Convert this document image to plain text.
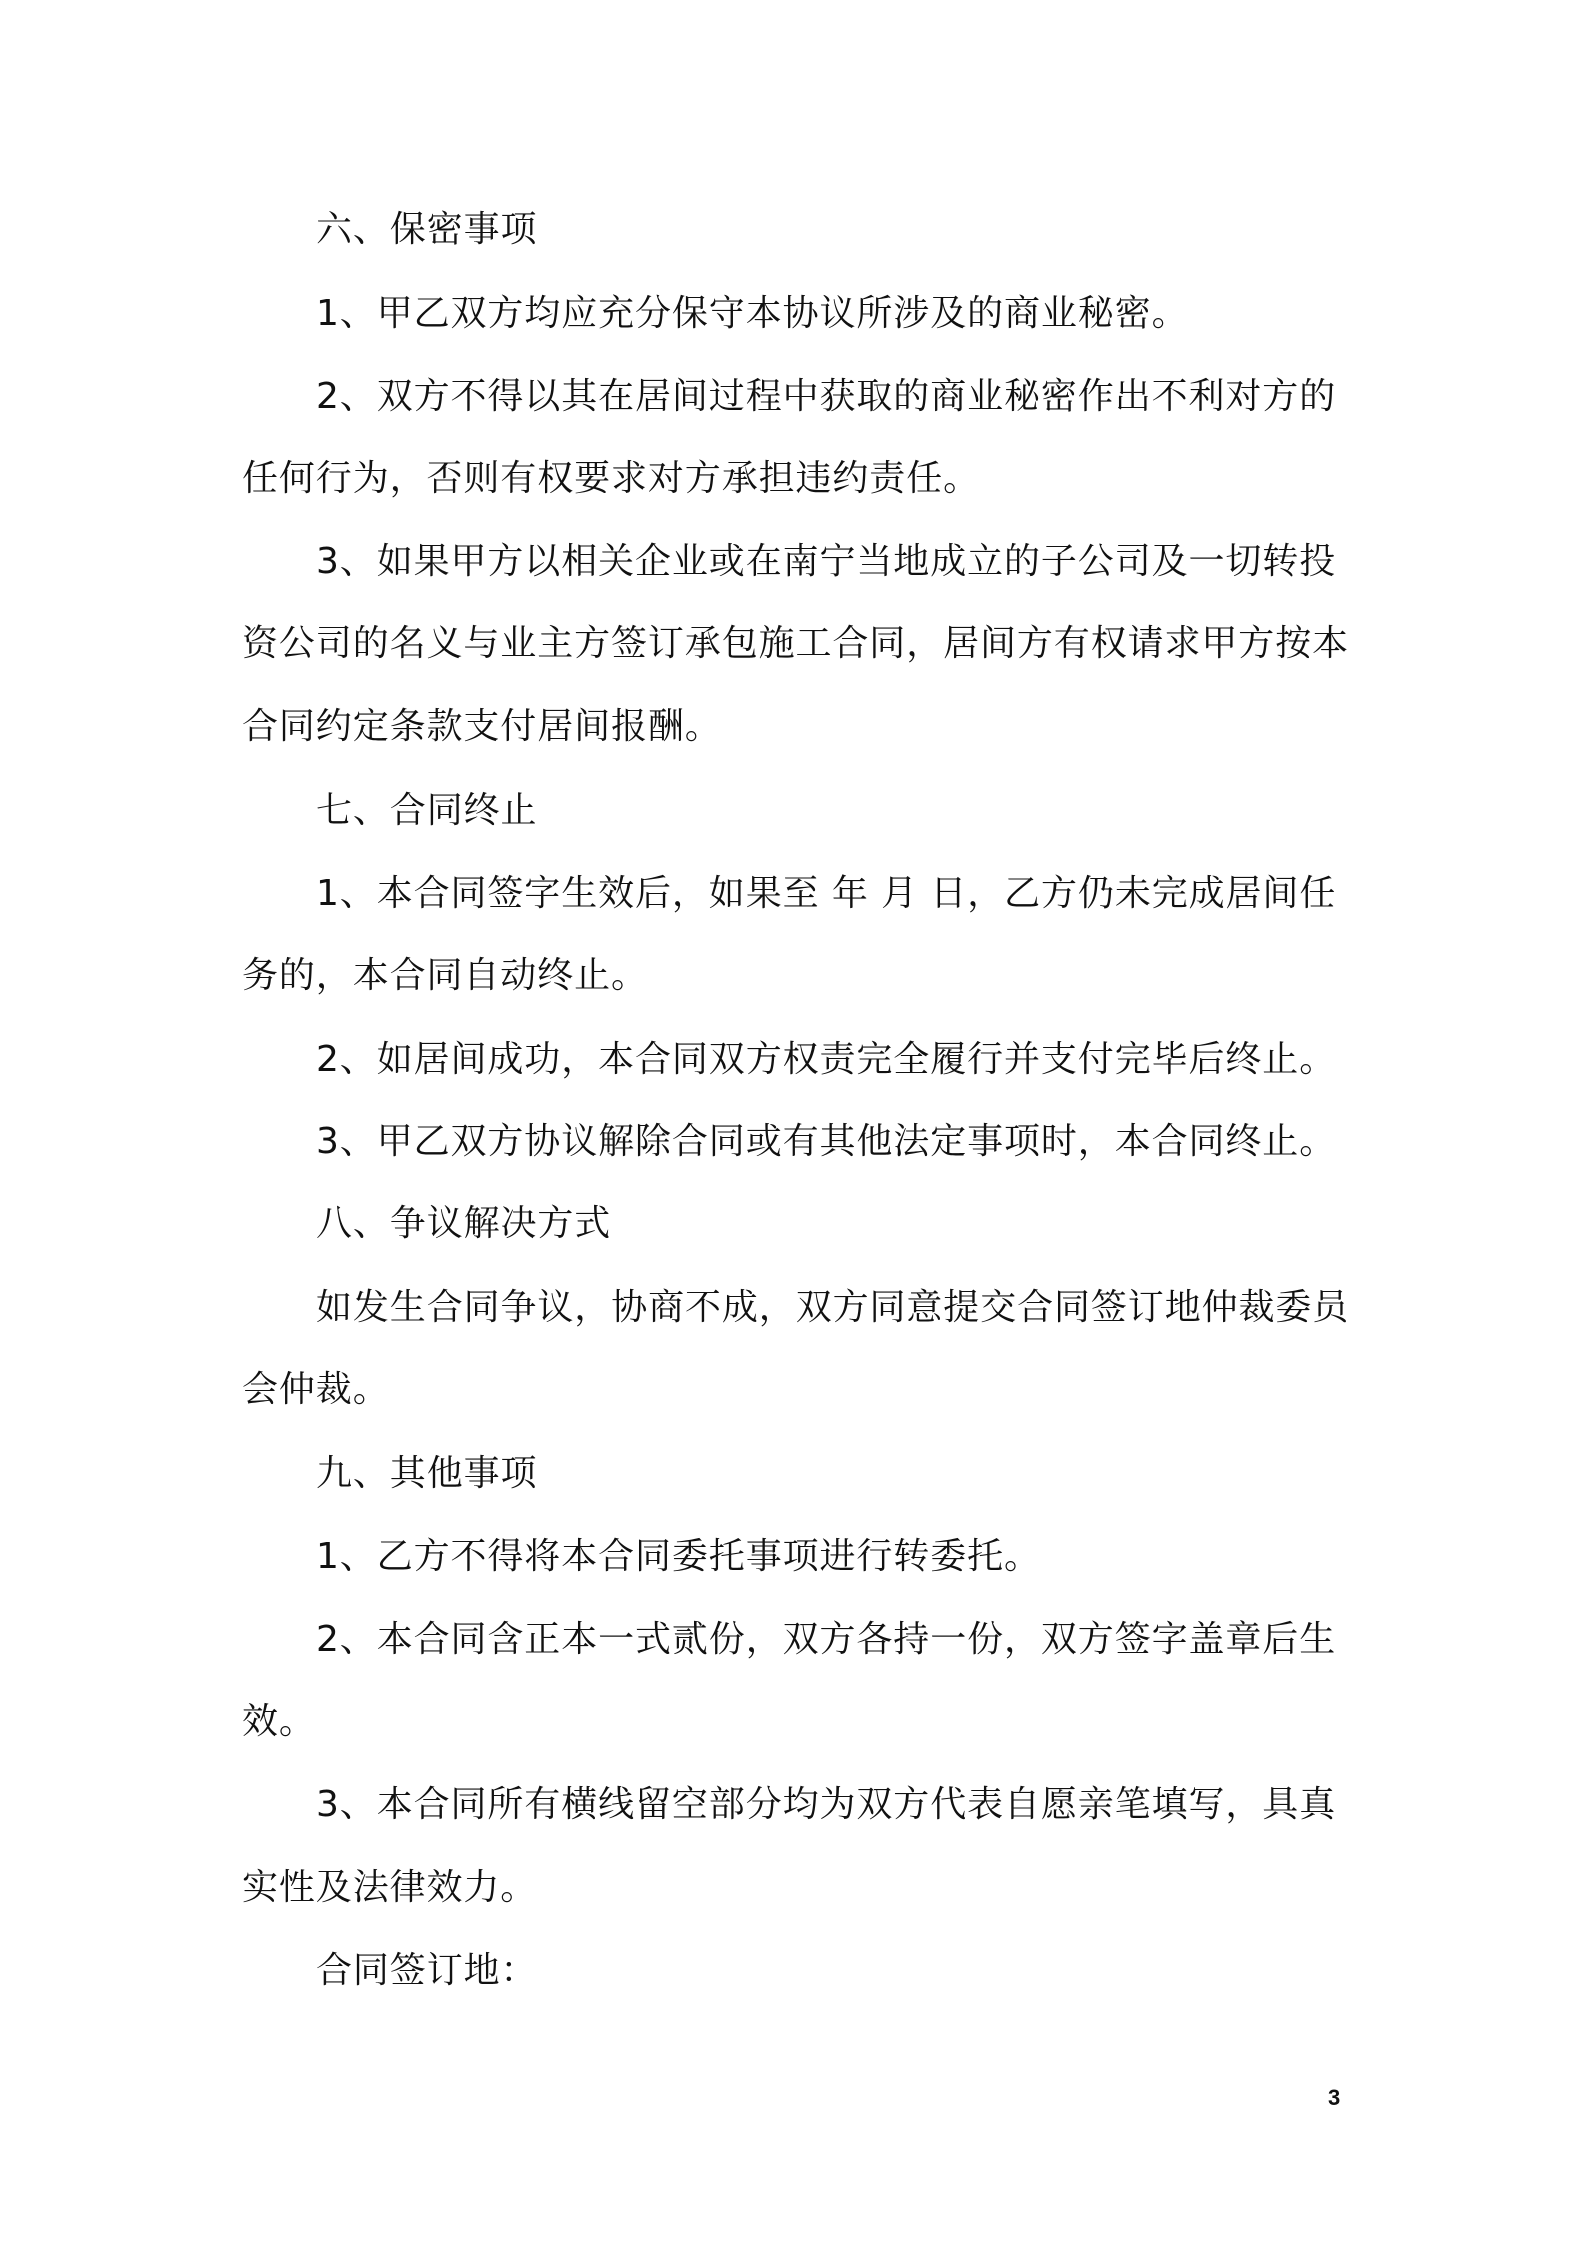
六、保密事项
1、甲乙双方均应充分保守本协议所涉及的商业秘密。
2、双方不得以其在居间过程中获取的商业秘密作出不利对方的
任何行为，否则有权要求对方承担违约责任。
3、如果甲方以相关企业或在南宁当地成立的子公司及一切转投
资公司的名义与业主方签订承包施工合同，居间方有权请求甲方按本
合同约定条款支付居间报酬。
七、合同终止
1、本合同签字生效后，如果至 年 月 日，乙方仍未完成居间任
务的，本合同自动终止。
2、如居间成功，本合同双方权责完全履行并支付完毕后终止。
3、甲乙双方协议解除合同或有其他法定事项时，本合同终止。
八、争议解决方式
如发生合同争议，协商不成，双方同意提交合同签订地仲裁委员
会仲裁。
九、其他事项
1、乙方不得将本合同委托事项进行转委托。
2、本合同含正本一式贰份，双方各持一份，双方签字盖章后生
效。
3、本合同所有横线留空部分均为双方代表自愿亲笔填写，具真
实性及法律效力。
合同签订地：
3
